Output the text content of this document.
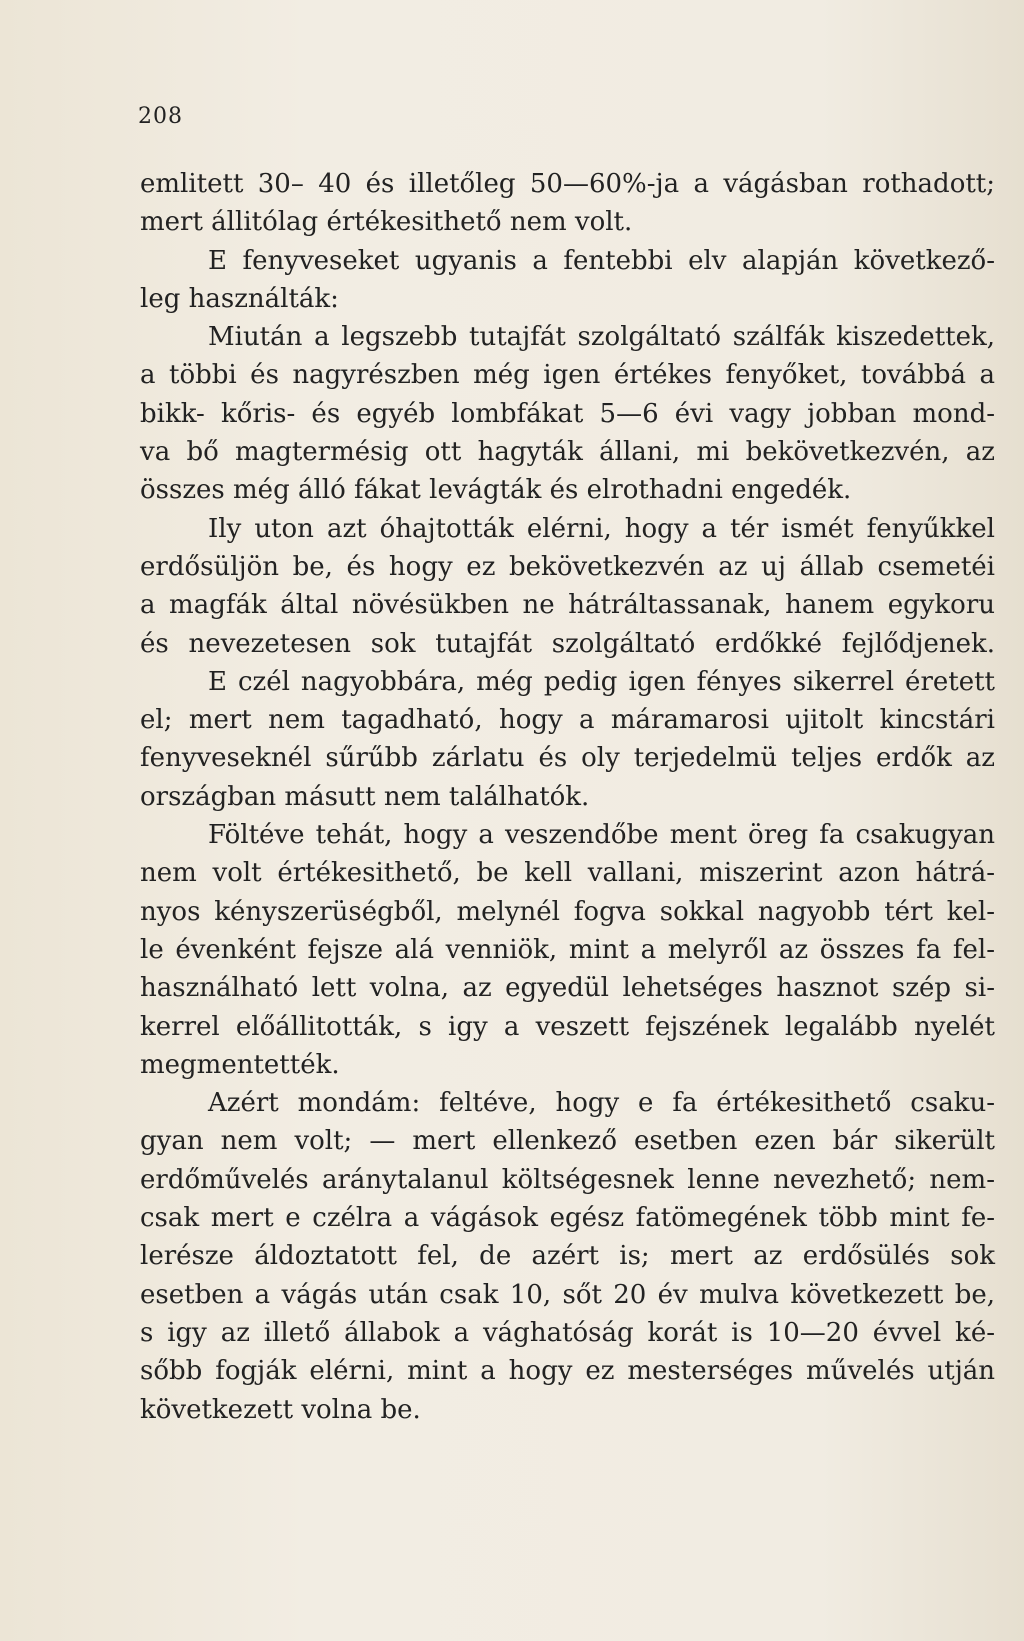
208
emlitett 30– 40 és illetőleg 50—60%-ja a vágásban rothadott;
mert állitólag értékesithető nem volt.
E fenyveseket ugyanis a fentebbi elv alapján következő-
leg használták:
Miután a legszebb tutajfát szolgáltató szálfák kiszedettek,
a többi és nagyrészben még igen értékes fenyőket, továbbá a
bikk- kőris- és egyéb lombfákat 5—6 évi vagy jobban mond-
va bő magtermésig ott hagyták állani, mi bekövetkezvén, az
összes még álló fákat levágták és elrothadni engedék.
Ily uton azt óhajtották elérni, hogy a tér ismét fenyűkkel
erdősüljön be, és hogy ez bekövetkezvén az uj állab csemetéi
a magfák által növésükben ne hátráltassanak, hanem egykoru
és nevezetesen sok tutajfát szolgáltató erdőkké fejlődjenek.
E czél nagyobbára, még pedig igen fényes sikerrel éretett
el; mert nem tagadható, hogy a máramarosi ujitolt kincstári
fenyveseknél sűrűbb zárlatu és oly terjedelmü teljes erdők az
országban másutt nem találhatók.
Föltéve tehát, hogy a veszendőbe ment öreg fa csakugyan
nem volt értékesithető, be kell vallani, miszerint azon hátrá-
nyos kényszerüségből, melynél fogva sokkal nagyobb tért kel-
le évenként fejsze alá venniök, mint a melyről az összes fa fel-
használható lett volna, az egyedül lehetséges hasznot szép si-
kerrel előállitották, s igy a veszett fejszének legalább nyelét
megmentették.
Azért mondám: feltéve, hogy e fa értékesithető csaku-
gyan nem volt; — mert ellenkező esetben ezen bár sikerült
erdőművelés aránytalanul költségesnek lenne nevezhető; nem-
csak mert e czélra a vágások egész fatömegének több mint fe-
lerésze áldoztatott fel, de azért is; mert az erdősülés sok
esetben a vágás után csak 10, sőt 20 év mulva következett be,
s igy az illető állabok a vághatóság korát is 10—20 évvel ké-
sőbb fogják elérni, mint a hogy ez mesterséges művelés utján
következett volna be.
